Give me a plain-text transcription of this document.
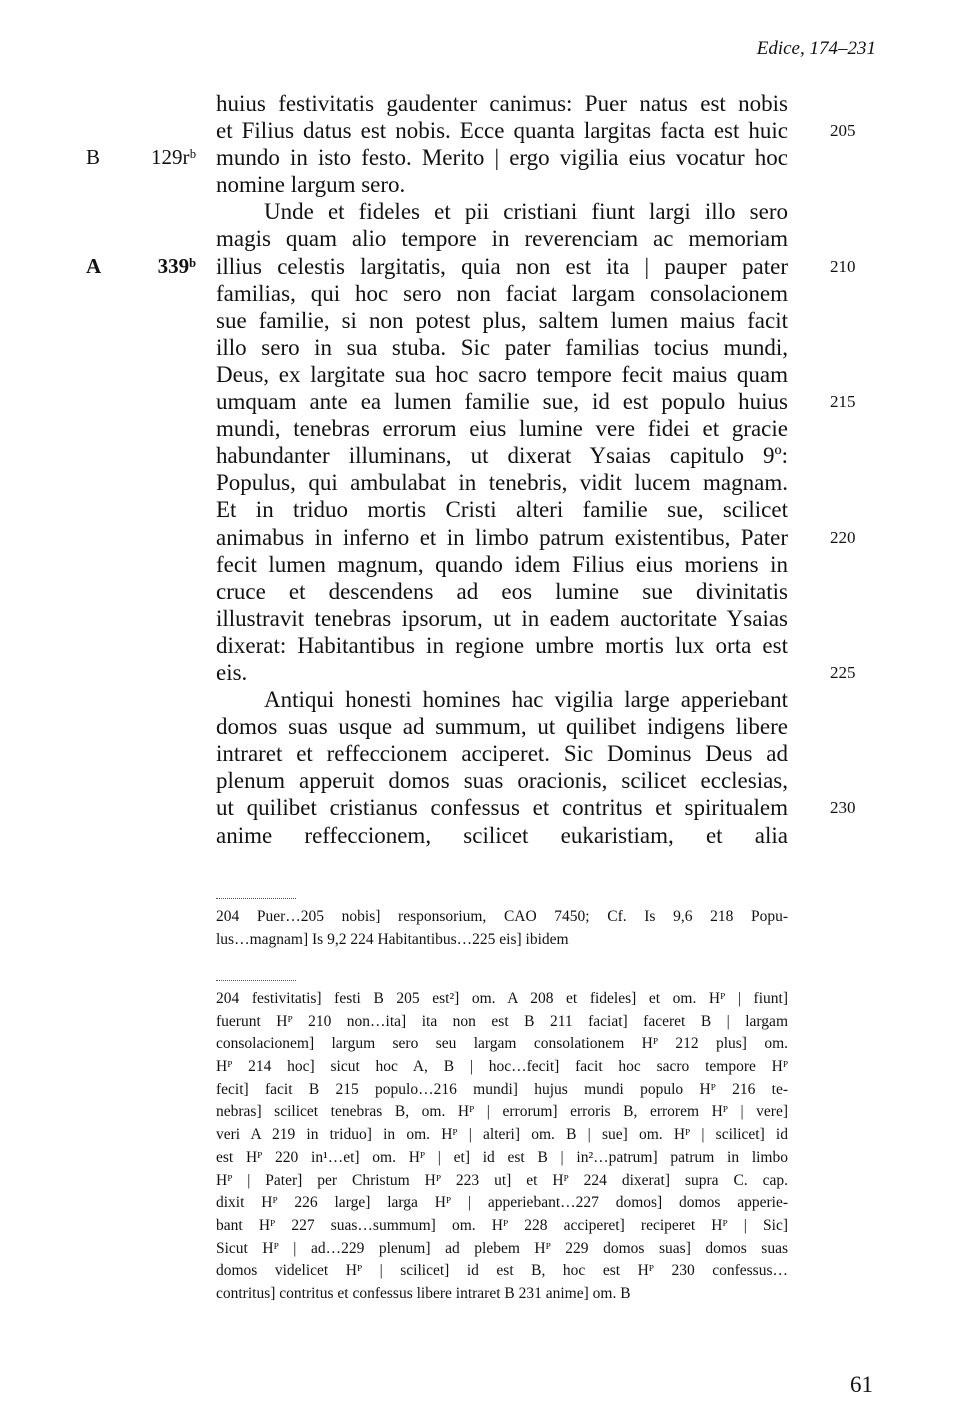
Edice, 174–231
huius festivitatis gaudenter canimus: Puer natus est nobis
et Filius datus est nobis. Ecce quanta largitas facta est huic 205
mundo in isto festo. Merito | ergo vigilia eius vocatur hoc
B 129rᵇ
nomine largum sero.
Unde et fideles et pii cristiani fiunt largi illo sero
magis quam alio tempore in reverenciam ac memoriam
illius celestis largitatis, quia non est ita | pauper pater 210
A 339ᵇ
familias, qui hoc sero non faciat largam consolacionem
sue familie, si non potest plus, saltem lumen maius facit
illo sero in sua stuba. Sic pater familias tocius mundi,
Deus, ex largitate sua hoc sacro tempore fecit maius quam
umquam ante ea lumen familie sue, id est populo huius 215
mundi, tenebras errorum eius lumine vere fidei et gracie
habundanter illuminans, ut dixerat Ysaias capitulo 9º:
Populus, qui ambulabat in tenebris, vidit lucem magnam.
Et in triduo mortis Cristi alteri familie sue, scilicet
animabus in inferno et in limbo patrum existentibus, Pater 220
fecit lumen magnum, quando idem Filius eius moriens in
cruce et descendens ad eos lumine sue divinitatis
illustravit tenebras ipsorum, ut in eadem auctoritate Ysaias
dixerat: Habitantibus in regione umbre mortis lux orta est
eis.	225
Antiqui honesti homines hac vigilia large apperiebant
domos suas usque ad summum, ut quilibet indigens libere
intraret et reffeccionem acciperet. Sic Dominus Deus ad
plenum apperuit domos suas oracionis, scilicet ecclesias,
ut quilibet cristianus confessus et contritus et spiritualem 230
anime reffeccionem, scilicet eukaristiam, et alia
204 Puer…205 nobis] responsorium, CAO 7450; Cf. Is 9,6 218 Popu-
lus…magnam] Is 9,2 224 Habitantibus…225 eis] ibidem
204 festivitatis] festi B 205 est²] om. A 208 et fideles] et om. Hᴾ | fiunt]
fuerunt Hᴾ 210 non…ita] ita non est B 211 faciat] faceret B | largam
consolacionem] largum sero seu largam consolationem Hᴾ 212 plus] om.
Hᴾ 214 hoc] sicut hoc A, B | hoc…fecit] facit hoc sacro tempore Hᴾ
fecit] facit B 215 populo…216 mundi] hujus mundi populo Hᴾ 216 te-
nebras] scilicet tenebras B, om. Hᴾ | errorum] erroris B, errorem Hᴾ | vere]
veri A 219 in triduo] in om. Hᴾ | alteri] om. B | sue] om. Hᴾ | scilicet] id
est Hᴾ 220 in¹…et] om. Hᴾ | et] id est B | in²…patrum] patrum in limbo
Hᴾ | Pater] per Christum Hᴾ 223 ut] et Hᴾ 224 dixerat] supra C. cap.
dixit Hᴾ 226 large] larga Hᴾ | apperiebant…227 domos] domos apperie-
bant Hᴾ 227 suas…summum] om. Hᴾ 228 acciperet] reciperet Hᴾ | Sic]
Sicut Hᴾ | ad…229 plenum] ad plebem Hᴾ 229 domos suas] domos suas
domos videlicet Hᴾ | scilicet] id est B, hoc est Hᴾ 230 confessus…
contritus] contritus et confessus libere intraret B 231 anime] om. B
61
